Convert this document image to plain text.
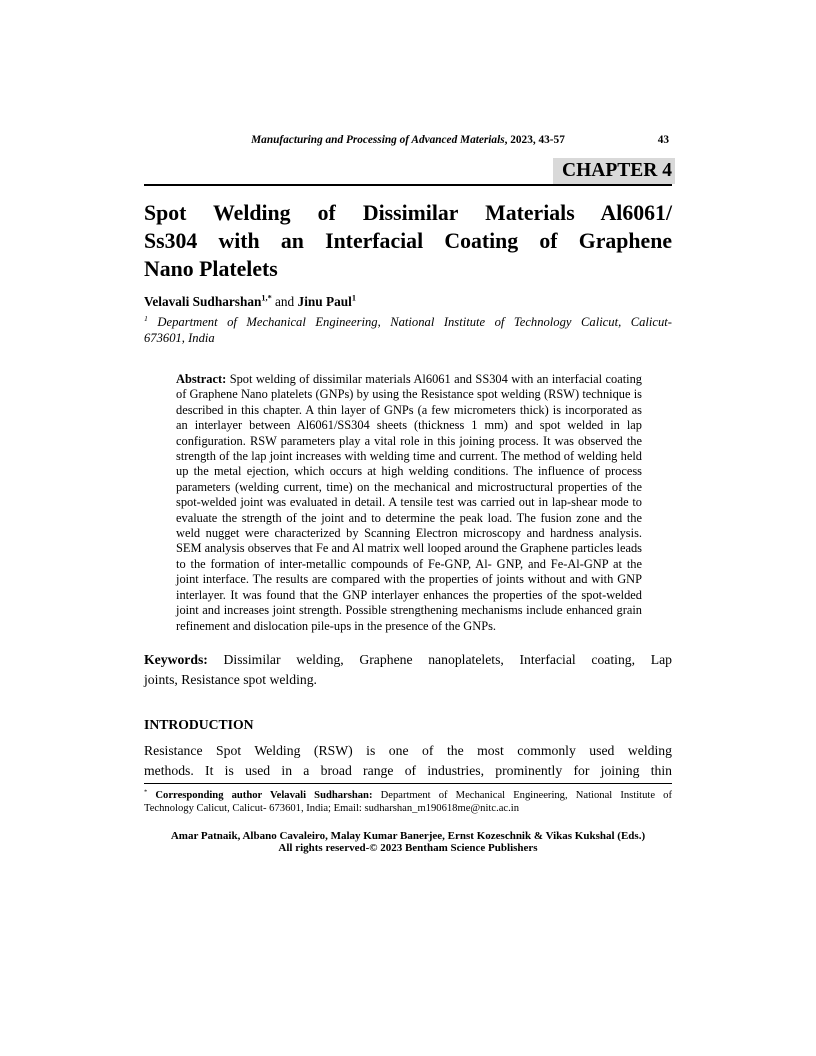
Manufacturing and Processing of Advanced Materials, 2023, 43-57	43
CHAPTER 4
Spot Welding of Dissimilar Materials Al6061/
Ss304 with an Interfacial Coating of Graphene
Nano Platelets
Velavali Sudharshan$^{1,*}$ and Jinu Paul$^1$
$^1$ Department of Mechanical Engineering, National Institute of Technology Calicut, Calicut-
673601, India
Abstract: Spot welding of dissimilar materials Al6061 and SS304 with an interfacial coating of Graphene Nano platelets (GNPs) by using the Resistance spot welding (RSW) technique is described in this chapter. A thin layer of GNPs (a few micrometers thick) is incorporated as an interlayer between Al6061/SS304 sheets (thickness 1 mm) and spot welded in lap configuration. RSW parameters play a vital role in this joining process. It was observed the strength of the lap joint increases with welding time and current. The method of welding held up the metal ejection, which occurs at high welding conditions. The influence of process parameters (welding current, time) on the mechanical and microstructural properties of the spot-welded joint was evaluated in detail. A tensile test was carried out in lap-shear mode to evaluate the strength of the joint and to determine the peak load. The fusion zone and the weld nugget were characterized by Scanning Electron microscopy and hardness analysis. SEM analysis observes that Fe and Al matrix well looped around the Graphene particles leads to the formation of inter-metallic compounds of Fe-GNP, Al- GNP, and Fe-Al-GNP at the joint interface. The results are compared with the properties of joints without and with GNP interlayer. It was found that the GNP interlayer enhances the properties of the spot-welded joint and increases joint strength. Possible strengthening mechanisms include enhanced grain refinement and dislocation pile-ups in the presence of the GNPs.
Keywords: Dissimilar welding, Graphene nanoplatelets, Interfacial coating, Lap
joints, Resistance spot welding.
INTRODUCTION
Resistance Spot Welding (RSW) is one of the most commonly used welding
methods. It is used in a broad range of industries, prominently for joining thin
* Corresponding author Velavali Sudharshan: Department of Mechanical Engineering, National Institute of
Technology Calicut, Calicut- 673601, India; Email: sudharshan_m190618me@nitc.ac.in
Amar Patnaik, Albano Cavaleiro, Malay Kumar Banerjee, Ernst Kozeschnik & Vikas Kukshal (Eds.)
All rights reserved-© 2023 Bentham Science Publishers
